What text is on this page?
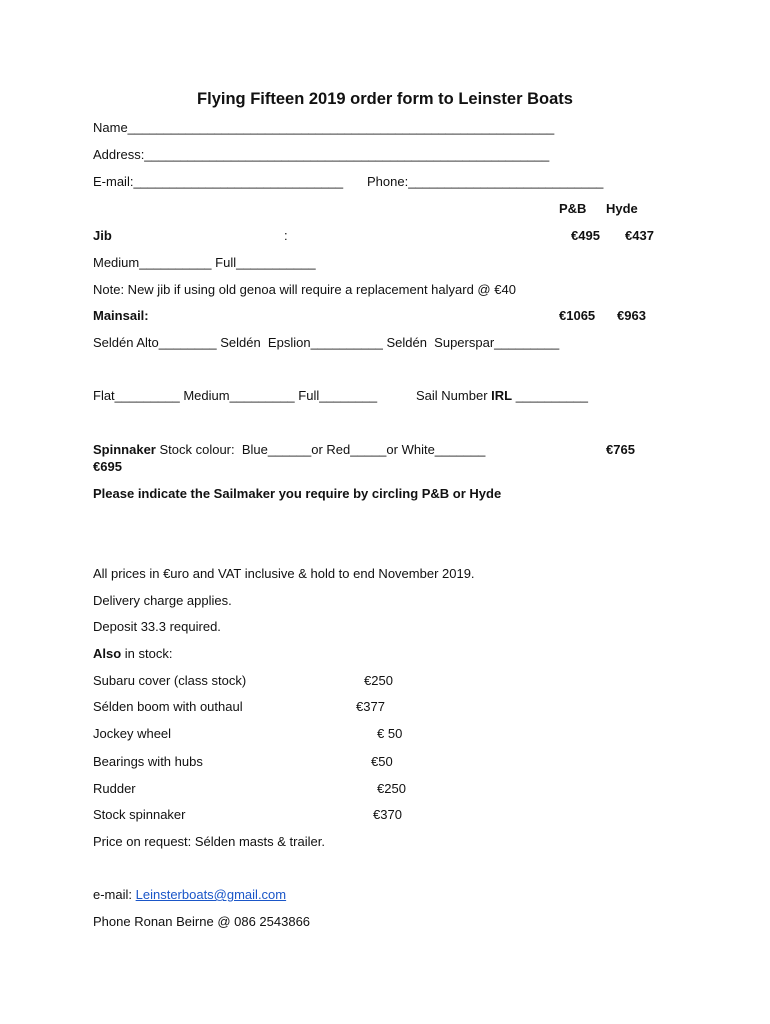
Flying Fifteen 2019 order form to Leinster Boats
Name___________________________________________________________
Address:________________________________________________________
E-mail:_____________________________ Phone:___________________________
P&B Hyde
Jib	:	€495 €437
Medium__________ Full___________
Note: New jib if using old genoa will require a replacement halyard @ €40
Mainsail:	€1065 €963
Seldén Alto________ Seldén  Epslion__________ Seldén  Superspar_________
Flat_________ Medium_________ Full________	Sail Number IRL __________
Spinnaker Stock colour:  Blue______or Red_____or White_______	€765
€695
Please indicate the Sailmaker you require by circling P&B or Hyde
All prices in €uro and VAT inclusive & hold to end November 2019.
Delivery charge applies.
Deposit 33.3 required.
Also in stock:
Subaru cover (class stock)	€250
Sélden boom with outhaul	€377
Jockey wheel	€ 50
Bearings with hubs	€50
Rudder	€250
Stock spinnaker	€370
Price on request: Sélden masts & trailer.
e-mail: Leinsterboats@gmail.com
Phone Ronan Beirne @ 086 2543866
